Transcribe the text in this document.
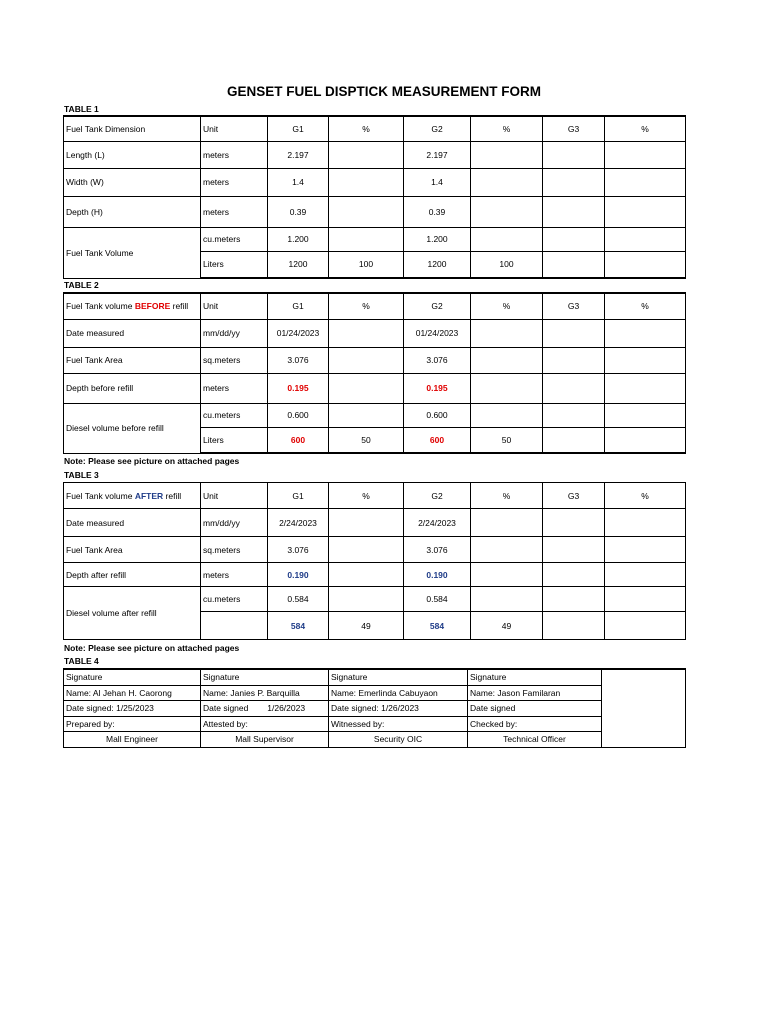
GENSET FUEL DISPTICK MEASUREMENT FORM
TABLE 1
Fuel Tank Dimension	Unit	G1	%	G2	%	G3	%
Length (L)	meters	2.197		2.197			
Width (W)	meters	1.4		1.4			
Depth (H)	meters	0.39		0.39			
Fuel Tank Volume	cu.meters	1.200		1.200			
	Liters	1200	100	1200	100		
TABLE 2
Fuel Tank volume BEFORE refill	Unit	G1	%	G2	%	G3	%
Date measured	mm/dd/yy	01/24/2023		01/24/2023			
Fuel Tank Area	sq.meters	3.076		3.076			
Depth before refill	meters	0.195		0.195			
Diesel volume before refill	cu.meters	0.600		0.600			
	Liters	600	50	600	50		
Note: Please see picture on attached pages
TABLE 3
Fuel Tank volume AFTER refill	Unit	G1	%	G2	%	G3	%
Date measured	mm/dd/yy	2/24/2023		2/24/2023			
Fuel Tank Area	sq.meters	3.076		3.076			
Depth after refill	meters	0.190		0.190			
Diesel volume after refill	cu.meters	0.584		0.584			
		584	49	584	49		
Note: Please see picture on attached pages
TABLE 4
Signature	Signature	Signature	Signature	
Name: Al Jehan H. Caorong	Name: Janies P. Barquilla	Name: Emerlinda Cabuyaon	Name: Jason Familaran	
Date signed: 1/25/2023	Date signed        1/26/2023	Date signed: 1/26/2023	Date signed	
Prepared by:	Attested by:	Witnessed by:	Checked by:	
Mall Engineer	Mall Supervisor	Security OIC	Technical Officer	
